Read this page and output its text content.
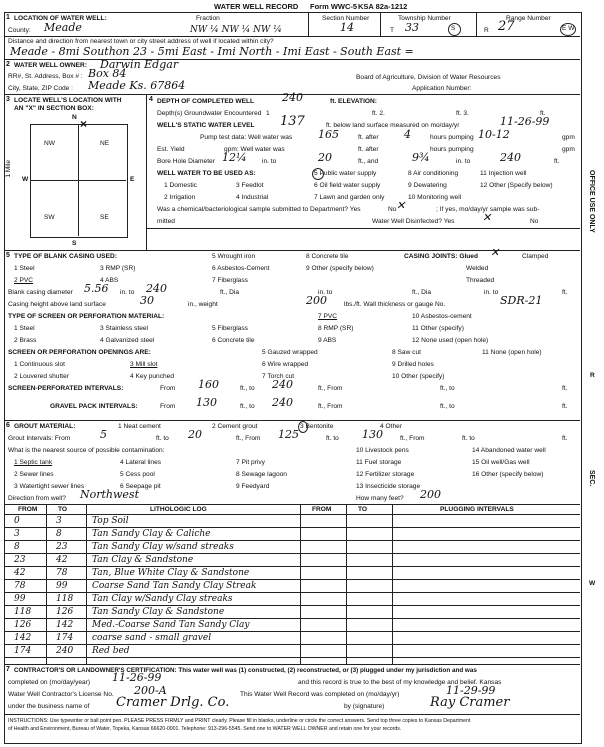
WATER WELL RECORD Form WWC-5 KSA 82a-1212
1 LOCATION OF WATER WELL:	Fraction	Section Number	Township Number	Range Number
County: Meade	NW ¼ NW ¼ NW ¼	14	T 33	S	R 27	E W
Distance and direction from nearest town or city street address of well if located within city?
Meade - 8mi Southon 23 - 5mi East - Imi North - Imi East - South East =
2 WATER WELL OWNER: Darwin Edgar
RR#, St. Address, Box # : Box 84	Board of Agriculture, Division of Water Resources
City, State, ZIP Code : Meade Ks. 67864	Application Number:
3 LOCATE WELL'S LOCATION WITH
AN "X" IN SECTION BOX:
N
NW	NE
SW	SE
W	E
S
1 Mile
×
4 DEPTH OF COMPLETED WELL	240	ft. ELEVATION:
Depth(s) Groundwater Encountered 1	ft. 2.	ft. 3.	ft.
WELL'S STATIC WATER LEVEL 137	ft. below land surface measured on mo/day/yr	11-26-99
Pump test data: Well water was 165	ft. after 4	hours pumping 10-12	gpm
Est. Yield	gpm: Well water was	ft. after	hours pumping	gpm
Bore Hole Diameter 12¼ in. to	20	ft., and	9¾	in. to	240	ft.
WELL WATER TO BE USED AS:
1 Domestic
2 Irrigation
3 Feedlot
4 Industrial
5 Public water supply
6 Oil field water supply
7 Lawn and garden only
8 Air conditioning
9 Dewatering
10 Monitoring well
11 Injection well
12 Other (Specify below)
Was a chemical/bacteriological sample submitted to Department? Yes	No ✕	; If yes, mo/day/yr sample was sub-
mitted	Water Well Disinfected? Yes	✕	No
5 TYPE OF BLANK CASING USED:
1 Steel
2 PVC
3 RMP (SR)
4 ABS
5 Wrought iron
6 Asbestos-Cement
7 Fiberglass
8 Concrete tile
9 Other (specify below)
CASING JOINTS: Glued ✕	Clamped
Welded
Threaded
Blank casing diameter 5.56 in. to 240	ft., Dia	in. to	ft., Dia	in. to	ft.
Casing height above land surface	30	in., weight	200	lbs./ft. Wall thickness or gauge No.	SDR-21
TYPE OF SCREEN OR PERFORATION MATERIAL:
1 Steel
2 Brass
3 Stainless steel
4 Galvanized steel
5 Fiberglass
6 Concrete tile
7 PVC
8 RMP (SR)
9 ABS
10 Asbestos-cement
11 Other (specify)
12 None used (open hole)
SCREEN OR PERFORATION OPENINGS ARE:
1 Continuous slot
2 Louvered shutter
3 Mill slot
4 Key punched
5 Gauzed wrapped
6 Wire wrapped
7 Torch cut
8 Saw cut
9 Drilled holes
10 Other (specify)
11 None (open hole)
SCREEN-PERFORATED INTERVALS:	From 160	ft., to 240	ft., From	ft., to	ft.
GRAVEL PACK INTERVALS:	From 130	ft., to 240	ft., From	ft., to	ft.
6 GROUT MATERIAL:	1 Neat cement	2 Cement grout	3 Bentonite	4 Other
Grout Intervals: From	5	ft. to 20	ft., From 125	ft. to 130	ft., From	ft. to	ft.
What is the nearest source of possible contamination:
1 Septic tank
2 Sewer lines
3 Watertight sewer lines
4 Lateral lines
5 Cess pool
6 Seepage pit
7 Pit privy
8 Sewage lagoon
9 Feedyard
10 Livestock pens
11 Fuel storage
12 Fertilizer storage
13 Insecticide storage
14 Abandoned water well
15 Oil well/Gas well
16 Other (specify below)
Direction from well? Northwest	How many feet? 200
FROM	TO	LITHOLOGIC LOG	FROM	TO	PLUGGING INTERVALS
0	3	Top Soil
3	8	Tan Sandy Clay & Caliche
8	23	Tan Sandy Clay w/sand streaks
23	42	Tan Clay & Sandstone
42	78	Tan, Blue White Clay & Sandstone
78	99	Coarse Sand Tan Sandy Clay Streak
99	118 Tan Clay w/Sandy Clay streaks
118	126 Tan Sandy Clay & Sandstone
126	142 Med.-Coarse Sand Tan Sandy Clay
142	174 coarse sand - small gravel
174	240 Red bed
7 CONTRACTOR'S OR LANDOWNER'S CERTIFICATION: This water well was (1) constructed, (2) reconstructed, or (3) plugged under my jurisdiction and was
completed on (mo/day/year) 11-26-99	and this record is true to the best of my knowledge and belief. Kansas
Water Well Contractor's License No. 200-A	This Water Well Record was completed on (mo/day/yr)	11-29-99
under the business name of Cramer Drlg. Co.	by (signature)	Ray Cramer
INSTRUCTIONS: Use typewriter or ball point pen. PLEASE PRESS FIRMLY and PRINT clearly. Please fill in blanks, underline or circle the correct answers. Send top three copies to Kansas Department
of Health and Environment, Bureau of Water, Topeka, Kansas 66620-0001. Telephone: 913-296-5545. Send one to WATER WELL OWNER and retain one for your records.
OFFICE USE ONLY
R
SEC.
W
